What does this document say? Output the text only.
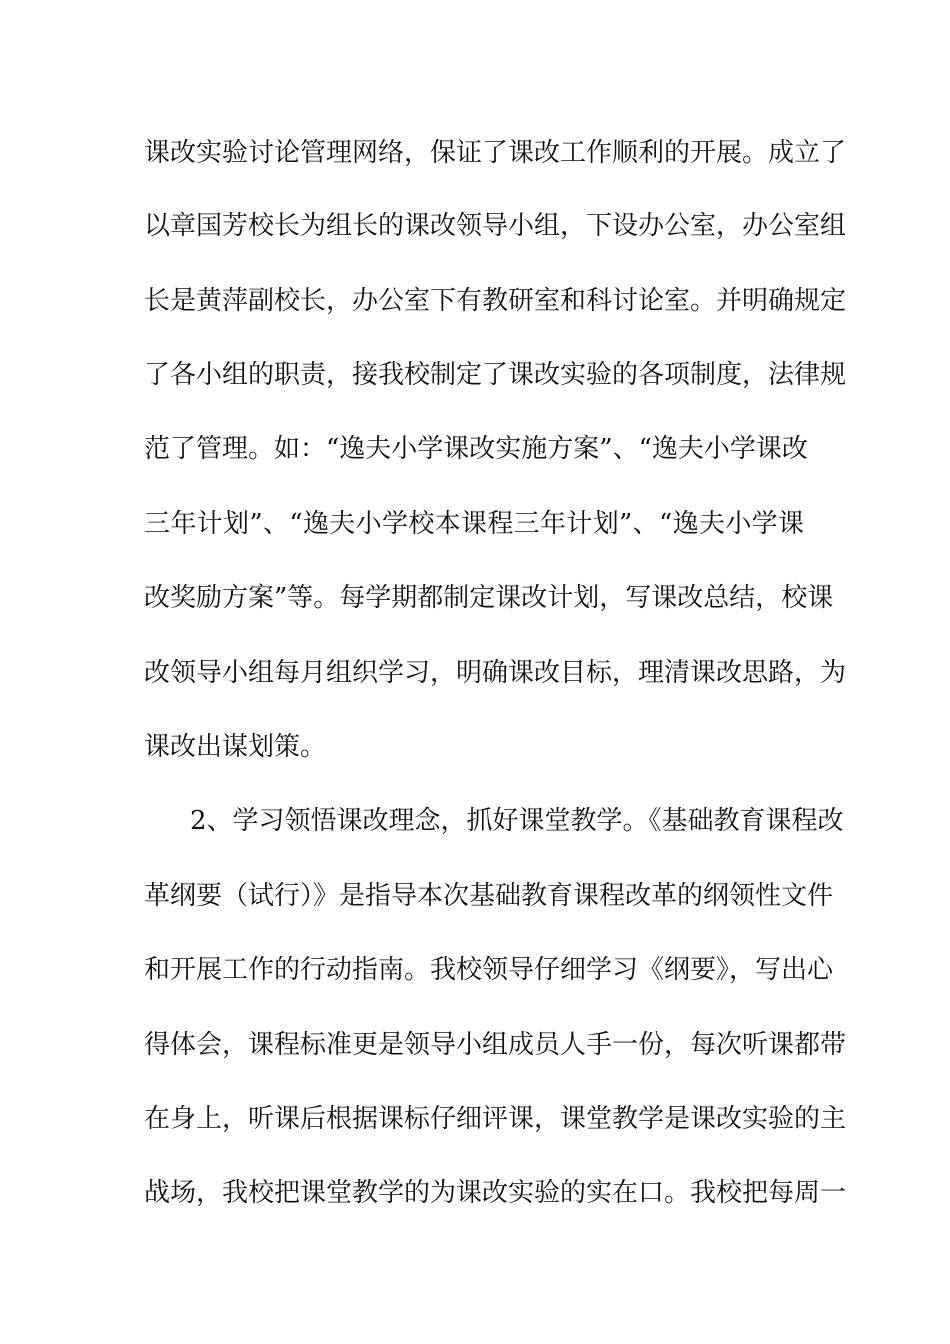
课改实验讨论管理网络，保证了课改工作顺利的开展。成立了
以章国芳校长为组长的课改领导小组，下设办公室，办公室组
长是黄萍副校长，办公室下有教研室和科讨论室。并明确规定
了各小组的职责，接我校制定了课改实验的各项制度，法律规
范了管理。如：“逸夫小学课改实施方案”、“逸夫小学课改
三年计划”、“逸夫小学校本课程三年计划”、“逸夫小学课
改奖励方案”等。每学期都制定课改计划，写课改总结，校课
改领导小组每月组织学习，明确课改目标，理清课改思路，为
课改出谋划策。
2、学习领悟课改理念，抓好课堂教学。《基础教育课程改
革纲要（试行）》是指导本次基础教育课程改革的纲领性文件
和开展工作的行动指南。我校领导仔细学习《纲要》，写出心
得体会，课程标准更是领导小组成员人手一份，每次听课都带
在身上，听课后根据课标仔细评课，课堂教学是课改实验的主
战场，我校把课堂教学的为课改实验的实在口。我校把每周一
